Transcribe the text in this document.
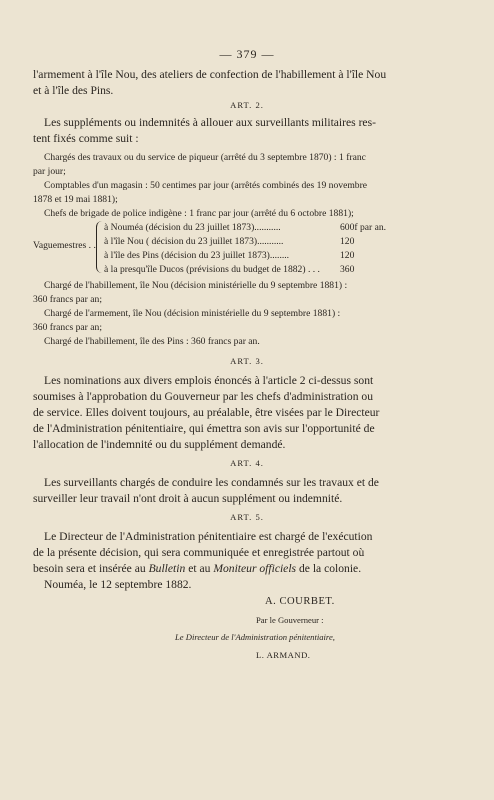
— 379 —
l'armement à l'île Nou, des ateliers de confection de l'habillement à l'île Nou
et à l'île des Pins.
ART. 2.
Les suppléments ou indemnités à allouer aux surveillants militaires res-
tent fixés comme suit :
Chargés des travaux ou du service de piqueur (arrêté du 3 septembre 1870) : 1 franc
par jour;
Comptables d'un magasin : 50 centimes par jour (arrêtés combinés des 19 novembre
1878 et 19 mai 1881);
Chefs de brigade de police indigène : 1 franc par jour (arrêté du 6 octobre 1881);
Vaguemestres . .
à Nouméa (décision du 23 juillet 1873)...........	600f par an.
à l'île Nou ( décision du 23 juillet 1873)...........	120
à l'île des Pins (décision du 23 juillet 1873)........	120
à la presqu'île Ducos (prévisions du budget de 1882) . . . 360
Chargé de l'habillement, île Nou (décision ministérielle du 9 septembre 1881) :
360 francs par an;
Chargé de l'armement, île Nou (décision ministérielle du 9 septembre 1881) :
360 francs par an;
Chargé de l'habillement, île des Pins : 360 francs par an.
ART. 3.
Les nominations aux divers emplois énoncés à l'article 2 ci-dessus sont
soumises à l'approbation du Gouverneur par les chefs d'administration ou
de service. Elles doivent toujours, au préalable, être visées par le Directeur
de l'Administration pénitentiaire, qui émettra son avis sur l'opportunité de
l'allocation de l'indemnité ou du supplément demandé.
ART. 4.
Les surveillants chargés de conduire les condamnés sur les travaux et de
surveiller leur travail n'ont droit à aucun supplément ou indemnité.
ART. 5.
Le Directeur de l'Administration pénitentiaire est chargé de l'exécution
de la présente décision, qui sera communiquée et enregistrée partout où
besoin sera et insérée au Bulletin et au Moniteur officiels de la colonie.
Nouméa, le 12 septembre 1882.
A. COURBET.
Par le Gouverneur :
Le Directeur de l'Administration pénitentiaire,
L. ARMAND.
